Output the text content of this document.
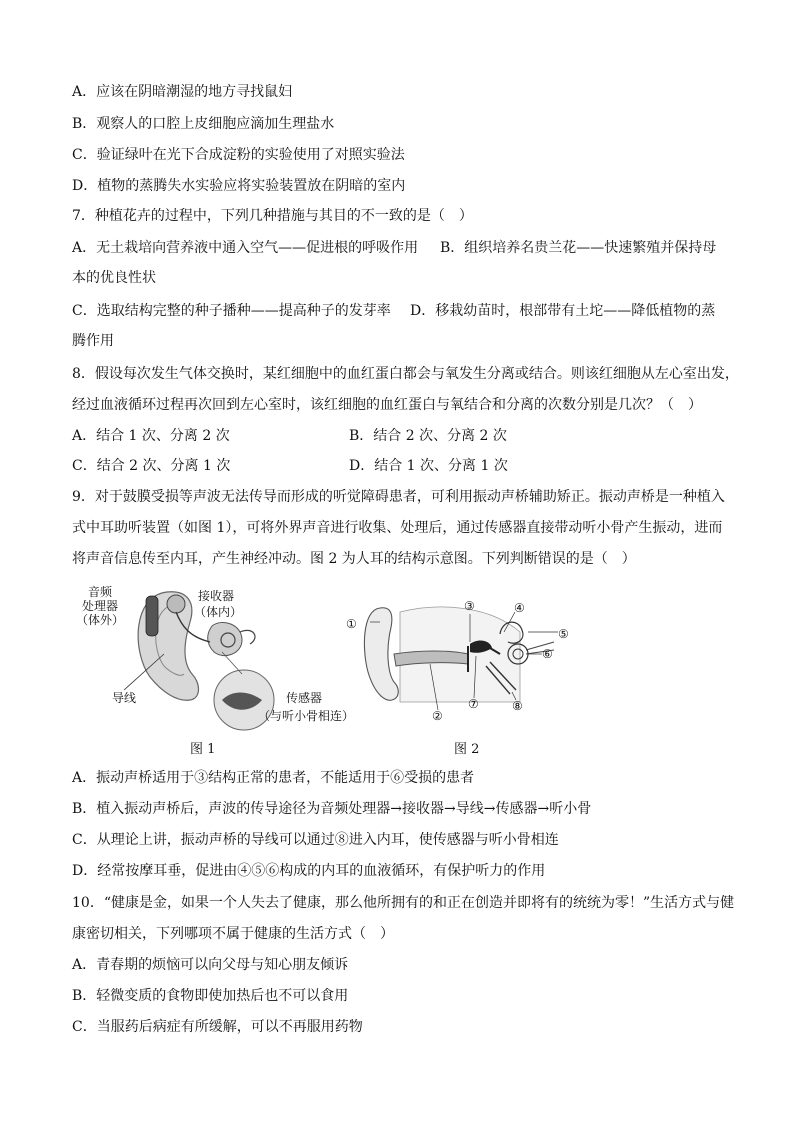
A．应该在阴暗潮湿的地方寻找鼠妇
B．观察人的口腔上皮细胞应滴加生理盐水
C．验证绿叶在光下合成淀粉的实验使用了对照实验法
D．植物的蒸腾失水实验应将实验装置放在阴暗的室内
7．种植花卉的过程中，下列几种措施与其目的不一致的是（　）
A．无土栽培向营养液中通入空气——促进根的呼吸作用 B．组织培养名贵兰花——快速繁殖并保持母
本的优良性状
C．选取结构完整的种子播种——提高种子的发芽率 D．移栽幼苗时，根部带有土坨——降低植物的蒸
腾作用
8．假设每次发生气体交换时，某红细胞中的血红蛋白都会与氧发生分离或结合。则该红细胞从左心室出发，
经过血液循环过程再次回到左心室时，该红细胞的血红蛋白与氧结合和分离的次数分别是几次？（　）
A．结合 1 次、分离 2 次	B．结合 2 次、分离 2 次
C．结合 2 次、分离 1 次	D．结合 1 次、分离 1 次
9．对于鼓膜受损等声波无法传导而形成的听觉障碍患者，可利用振动声桥辅助矫正。振动声桥是一种植入
式中耳助听装置（如图 1），可将外界声音进行收集、处理后，通过传感器直接带动听小骨产生振动，进而
将声音信息传至内耳，产生神经冲动。图 2 为人耳的结构示意图。下列判断错误的是（　）
音频
处理器
（体外）
接收器
（体内）
导线	传感器
（与听小骨相连）
图 1
①
②
③	④
⑤
⑥
⑦	⑧
图 2
A．振动声桥适用于③结构正常的患者，不能适用于⑥受损的患者
B．植入振动声桥后，声波的传导途径为音频处理器→接收器→导线→传感器→听小骨
C．从理论上讲，振动声桥的导线可以通过⑧进入内耳，使传感器与听小骨相连
D．经常按摩耳垂，促进由④⑤⑥构成的内耳的血液循环，有保护听力的作用
10．“健康是金，如果一个人失去了健康，那么他所拥有的和正在创造并即将有的统统为零！”生活方式与健
康密切相关，下列哪项不属于健康的生活方式（　）
A．青春期的烦恼可以向父母与知心朋友倾诉
B．轻微变质的食物即使加热后也不可以食用
C．当服药后病症有所缓解，可以不再服用药物
